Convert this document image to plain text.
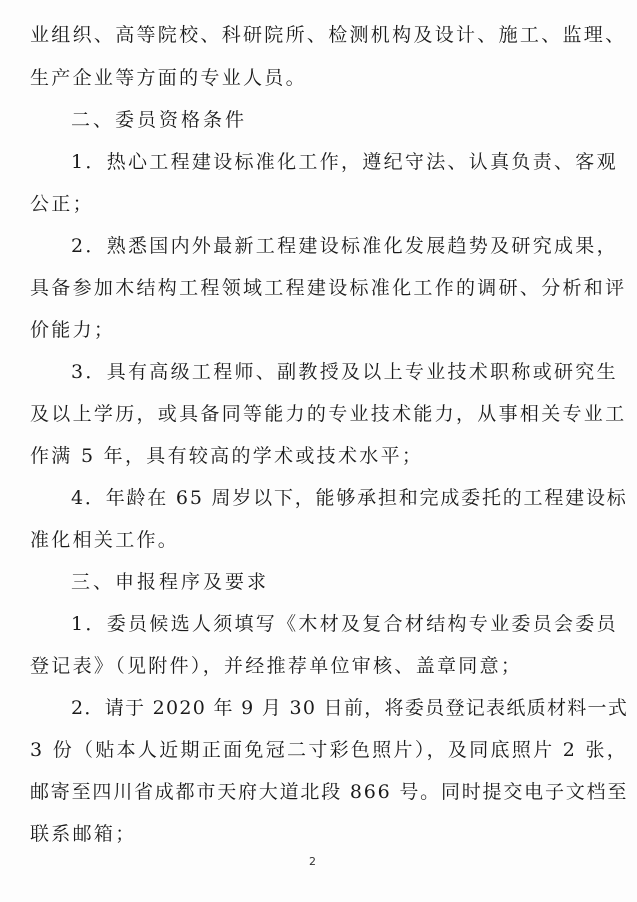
业组织、高等院校、科研院所、检测机构及设计、施工、监理、
生产企业等方面的专业人员。
二、委员资格条件
1．热心工程建设标准化工作，遵纪守法、认真负责、客观
公正；
2．熟悉国内外最新工程建设标准化发展趋势及研究成果，
具备参加木结构工程领域工程建设标准化工作的调研、分析和评
价能力；
3．具有高级工程师、副教授及以上专业技术职称或研究生
及以上学历，或具备同等能力的专业技术能力，从事相关专业工
作满 5 年，具有较高的学术或技术水平；
4．年龄在 65 周岁以下，能够承担和完成委托的工程建设标
准化相关工作。
三、申报程序及要求
1．委员候选人须填写《木材及复合材结构专业委员会委员
登记表》（见附件），并经推荐单位审核、盖章同意；
2．请于 2020 年 9 月 30 日前，将委员登记表纸质材料一式
3 份（贴本人近期正面免冠二寸彩色照片），及同底照片 2 张，
邮寄至四川省成都市天府大道北段 866 号。同时提交电子文档至
联系邮箱；
2
